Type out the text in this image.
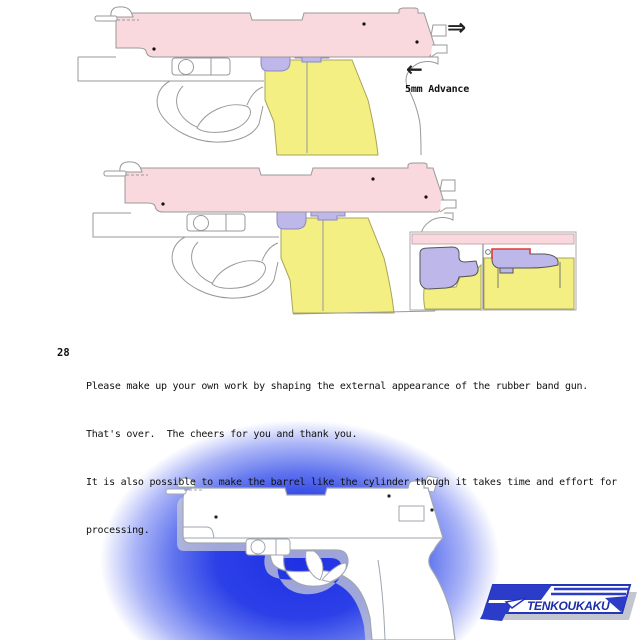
⇒
←
5mm Advance
28

Please make up your own work by shaping the external appearance of the rubber band gun.

That's over.  The cheers for you and thank you.

It is also possible to make the barrel like the cylinder though it takes time and effort for

processing.

TENKOUKAKU
